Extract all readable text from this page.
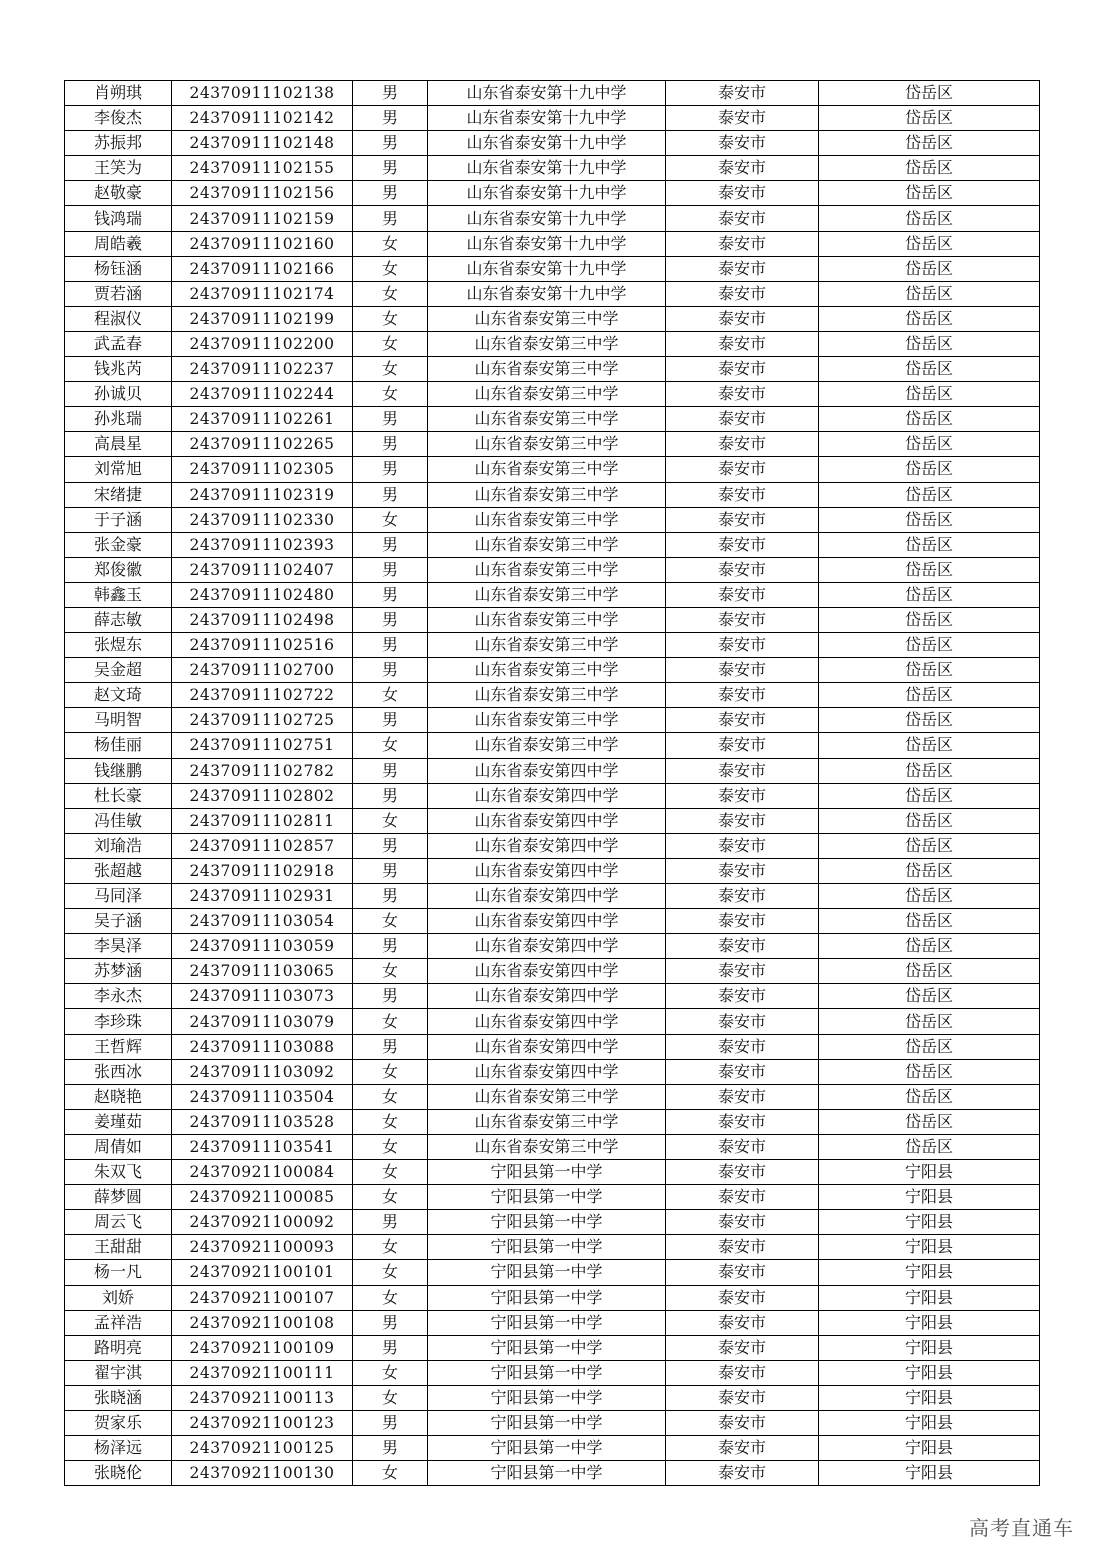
肖朔琪	24370911102138	男	山东省泰安第十九中学	泰安市	岱岳区
李俊杰	24370911102142	男	山东省泰安第十九中学	泰安市	岱岳区
苏振邦	24370911102148	男	山东省泰安第十九中学	泰安市	岱岳区
王笑为	24370911102155	男	山东省泰安第十九中学	泰安市	岱岳区
赵敬豪	24370911102156	男	山东省泰安第十九中学	泰安市	岱岳区
钱鸿瑞	24370911102159	男	山东省泰安第十九中学	泰安市	岱岳区
周皓羲	24370911102160	女	山东省泰安第十九中学	泰安市	岱岳区
杨钰涵	24370911102166	女	山东省泰安第十九中学	泰安市	岱岳区
贾若涵	24370911102174	女	山东省泰安第十九中学	泰安市	岱岳区
程淑仪	24370911102199	女	山东省泰安第三中学	泰安市	岱岳区
武孟春	24370911102200	女	山东省泰安第三中学	泰安市	岱岳区
钱兆芮	24370911102237	女	山东省泰安第三中学	泰安市	岱岳区
孙诚贝	24370911102244	女	山东省泰安第三中学	泰安市	岱岳区
孙兆瑞	24370911102261	男	山东省泰安第三中学	泰安市	岱岳区
高晨星	24370911102265	男	山东省泰安第三中学	泰安市	岱岳区
刘常旭	24370911102305	男	山东省泰安第三中学	泰安市	岱岳区
宋绪捷	24370911102319	男	山东省泰安第三中学	泰安市	岱岳区
于子涵	24370911102330	女	山东省泰安第三中学	泰安市	岱岳区
张金豪	24370911102393	男	山东省泰安第三中学	泰安市	岱岳区
郑俊徽	24370911102407	男	山东省泰安第三中学	泰安市	岱岳区
韩鑫玉	24370911102480	男	山东省泰安第三中学	泰安市	岱岳区
薛志敏	24370911102498	男	山东省泰安第三中学	泰安市	岱岳区
张煜东	24370911102516	男	山东省泰安第三中学	泰安市	岱岳区
吴金超	24370911102700	男	山东省泰安第三中学	泰安市	岱岳区
赵文琦	24370911102722	女	山东省泰安第三中学	泰安市	岱岳区
马明智	24370911102725	男	山东省泰安第三中学	泰安市	岱岳区
杨佳丽	24370911102751	女	山东省泰安第三中学	泰安市	岱岳区
钱继鹏	24370911102782	男	山东省泰安第四中学	泰安市	岱岳区
杜长豪	24370911102802	男	山东省泰安第四中学	泰安市	岱岳区
冯佳敏	24370911102811	女	山东省泰安第四中学	泰安市	岱岳区
刘瑜浩	24370911102857	男	山东省泰安第四中学	泰安市	岱岳区
张超越	24370911102918	男	山东省泰安第四中学	泰安市	岱岳区
马同泽	24370911102931	男	山东省泰安第四中学	泰安市	岱岳区
吴子涵	24370911103054	女	山东省泰安第四中学	泰安市	岱岳区
李昊泽	24370911103059	男	山东省泰安第四中学	泰安市	岱岳区
苏梦涵	24370911103065	女	山东省泰安第四中学	泰安市	岱岳区
李永杰	24370911103073	男	山东省泰安第四中学	泰安市	岱岳区
李珍珠	24370911103079	女	山东省泰安第四中学	泰安市	岱岳区
王哲辉	24370911103088	男	山东省泰安第四中学	泰安市	岱岳区
张西冰	24370911103092	女	山东省泰安第四中学	泰安市	岱岳区
赵晓艳	24370911103504	女	山东省泰安第三中学	泰安市	岱岳区
姜瑾茹	24370911103528	女	山东省泰安第三中学	泰安市	岱岳区
周倩如	24370911103541	女	山东省泰安第三中学	泰安市	岱岳区
朱双飞	24370921100084	女	宁阳县第一中学	泰安市	宁阳县
薛梦圆	24370921100085	女	宁阳县第一中学	泰安市	宁阳县
周云飞	24370921100092	男	宁阳县第一中学	泰安市	宁阳县
王甜甜	24370921100093	女	宁阳县第一中学	泰安市	宁阳县
杨一凡	24370921100101	女	宁阳县第一中学	泰安市	宁阳县
刘娇	24370921100107	女	宁阳县第一中学	泰安市	宁阳县
孟祥浩	24370921100108	男	宁阳县第一中学	泰安市	宁阳县
路明亮	24370921100109	男	宁阳县第一中学	泰安市	宁阳县
翟宇淇	24370921100111	女	宁阳县第一中学	泰安市	宁阳县
张晓涵	24370921100113	女	宁阳县第一中学	泰安市	宁阳县
贺家乐	24370921100123	男	宁阳县第一中学	泰安市	宁阳县
杨泽远	24370921100125	男	宁阳县第一中学	泰安市	宁阳县
张晓伦	24370921100130	女	宁阳县第一中学	泰安市	宁阳县
高考直通车
